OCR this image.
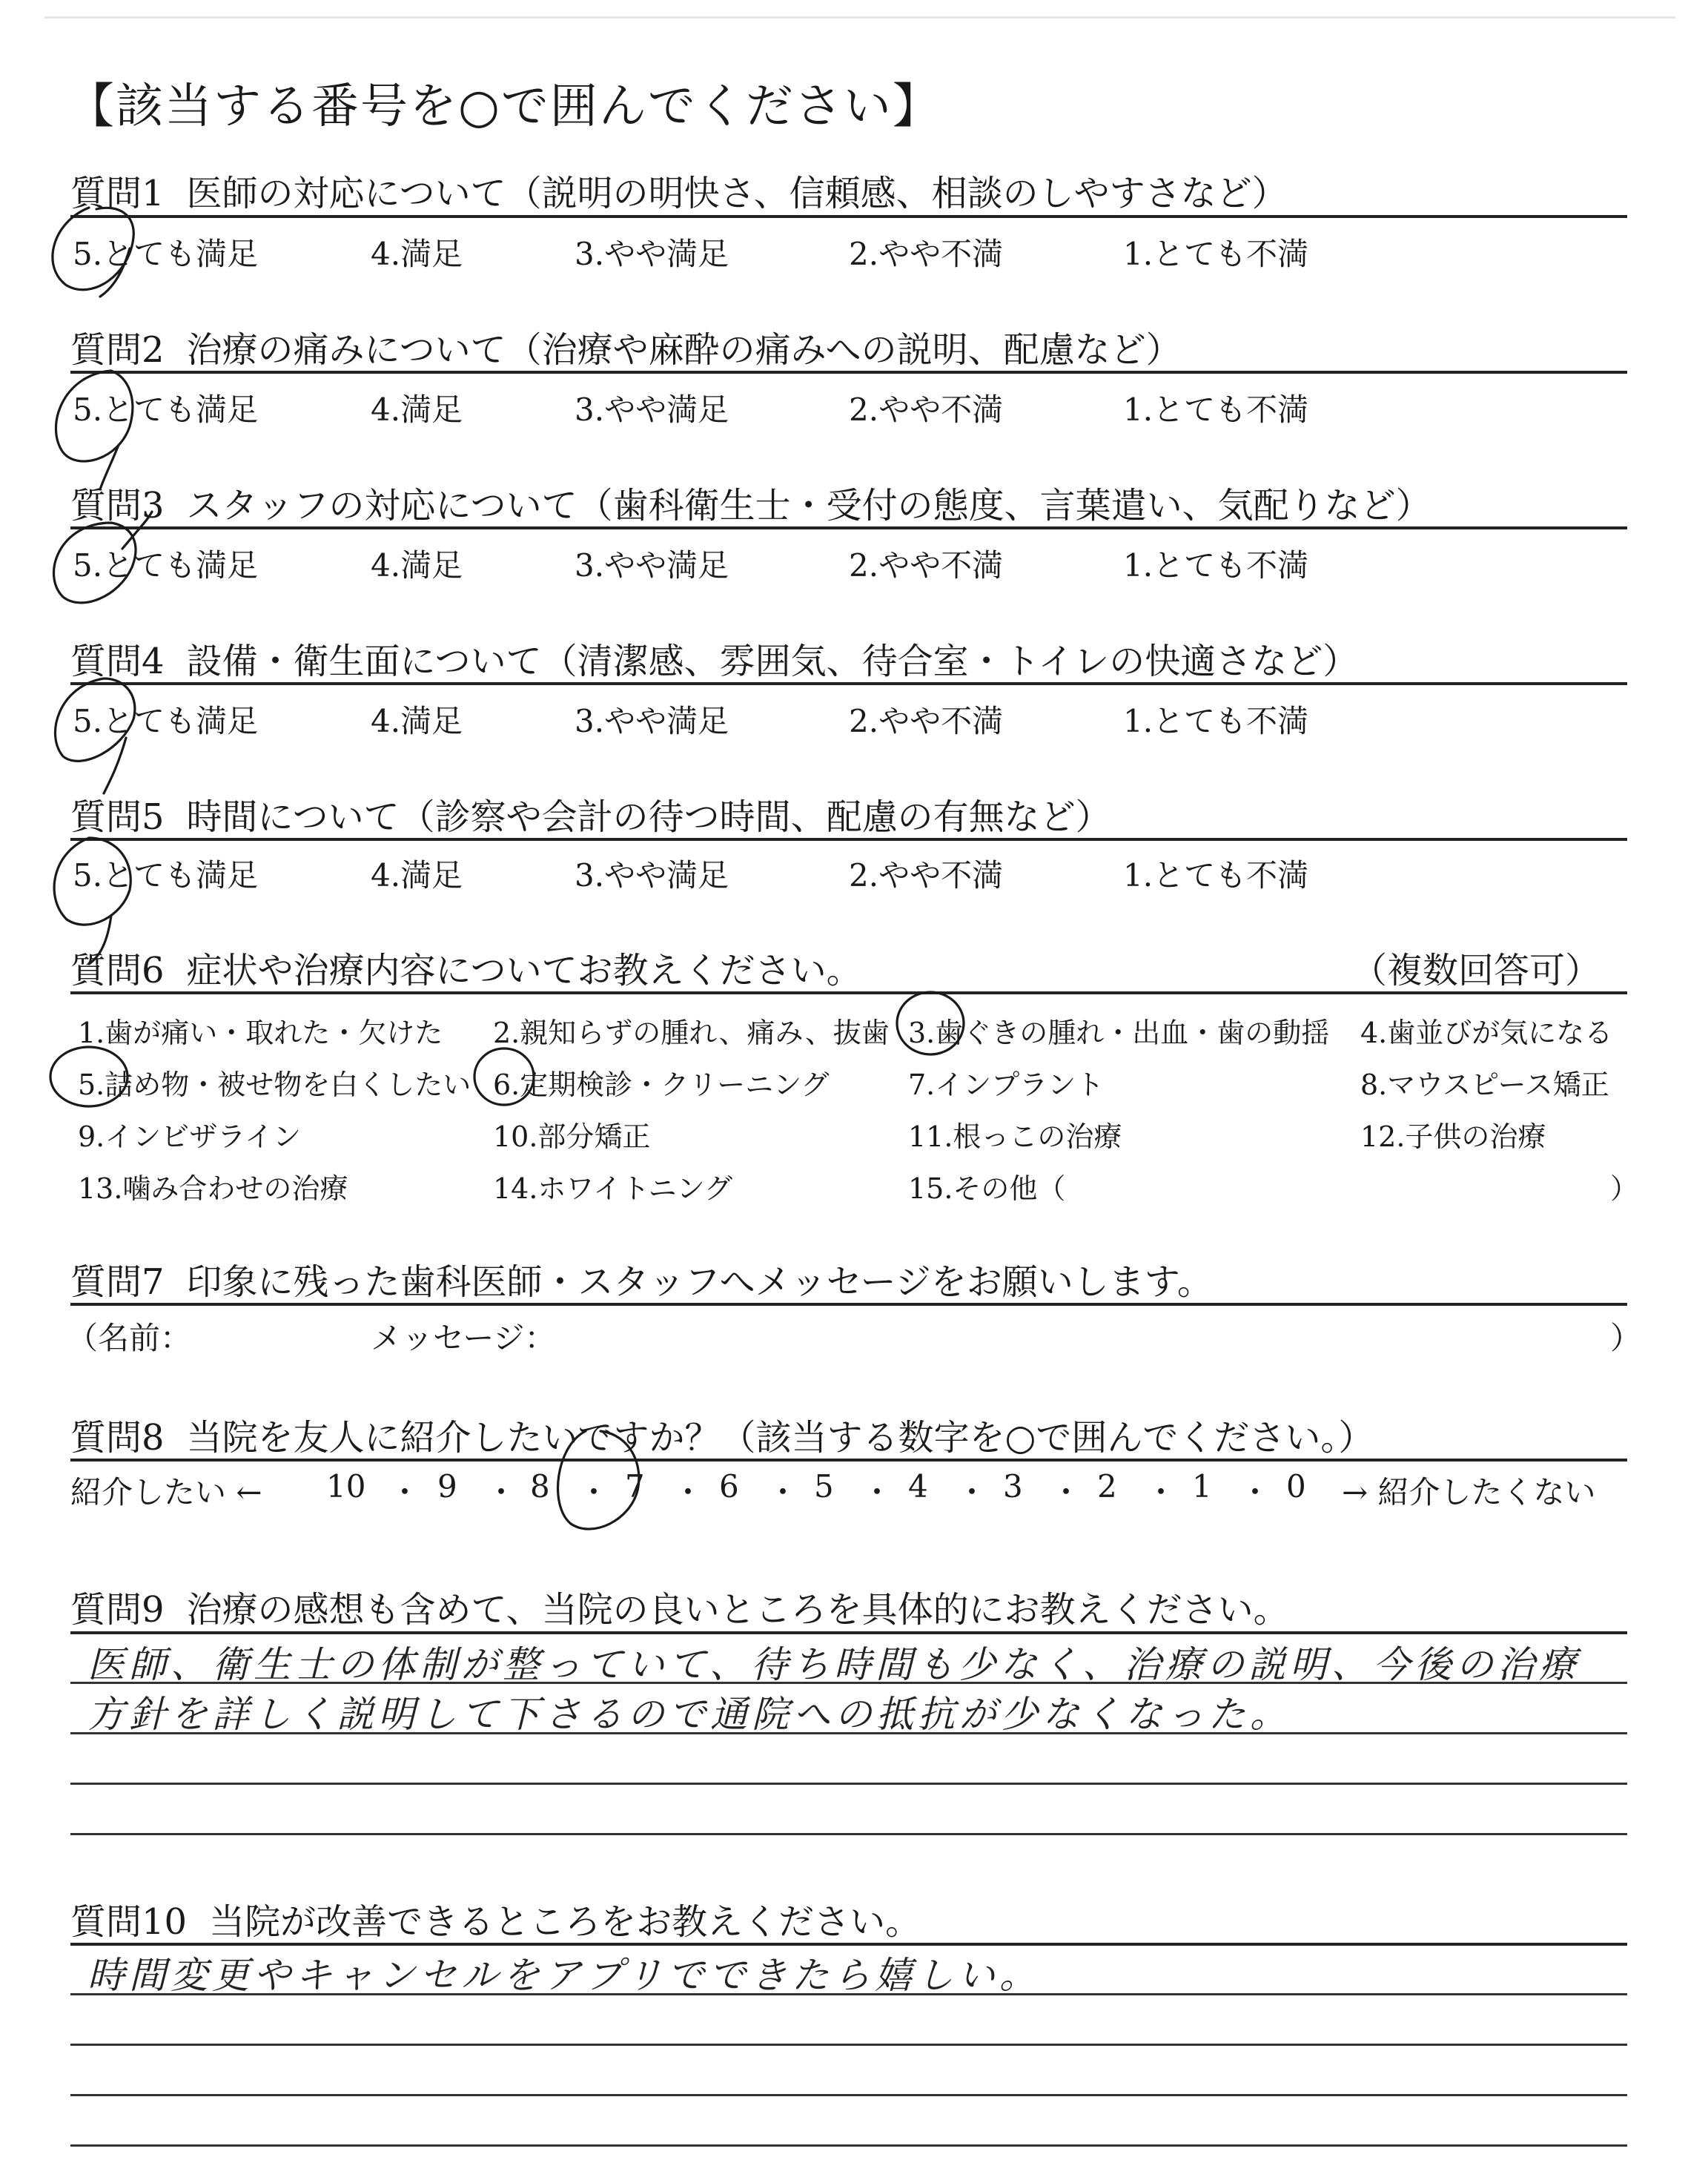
【該当する番号を○で囲んでください】
質問1 医師の対応について（説明の明快さ、信頼感、相談のしやすさなど）
5.とても満足	4.満足	3.やや満足	2.やや不満	1.とても不満
質問2 治療の痛みについて（治療や麻酔の痛みへの説明、配慮など）
5.とても満足	4.満足	3.やや満足	2.やや不満	1.とても不満
質問3 スタッフの対応について（歯科衛生士・受付の態度、言葉遣い、気配りなど）
5.とても満足	4.満足	3.やや満足	2.やや不満	1.とても不満
質問4 設備・衛生面について（清潔感、雰囲気、待合室・トイレの快適さなど）
5.とても満足	4.満足	3.やや満足	2.やや不満	1.とても不満
質問5 時間について（診察や会計の待つ時間、配慮の有無など）
5.とても満足	4.満足	3.やや満足	2.やや不満	1.とても不満
質問6 症状や治療内容についてお教えください。	（複数回答可）
1.歯が痛い・取れた・欠けた 2.親知らずの腫れ、痛み、抜歯 3.歯ぐきの腫れ・出血・歯の動揺 4.歯並びが気になる
5.詰め物・被せ物を白くしたい 6.定期検診・クリーニング	7.インプラント	8.マウスピース矯正
9.インビザライン	10.部分矯正	11.根っこの治療	12.子供の治療
13.噛み合わせの治療	14.ホワイトニング	15.その他（	）
質問7 印象に残った歯科医師・スタッフへメッセージをお願いします。
（名前：	メッセージ：	）
質問8 当院を友人に紹介したいですか？（該当する数字を○で囲んでください。）
紹介したい ← 10 ・ 9 ・ 8 ・ 7 ・ 6 ・ 5 ・ 4 ・ 3 ・ 2 ・ 1 ・ 0 → 紹介したくない
質問9 治療の感想も含めて、当院の良いところを具体的にお教えください。
医師、衛生士の体制が整っていて、待ち時間も少なく、治療の説明、今後の治療
方針を詳しく説明して下さるので通院への抵抗が少なくなった。
質問10 当院が改善できるところをお教えください。
時間変更やキャンセルをアプリでできたら嬉しい。
